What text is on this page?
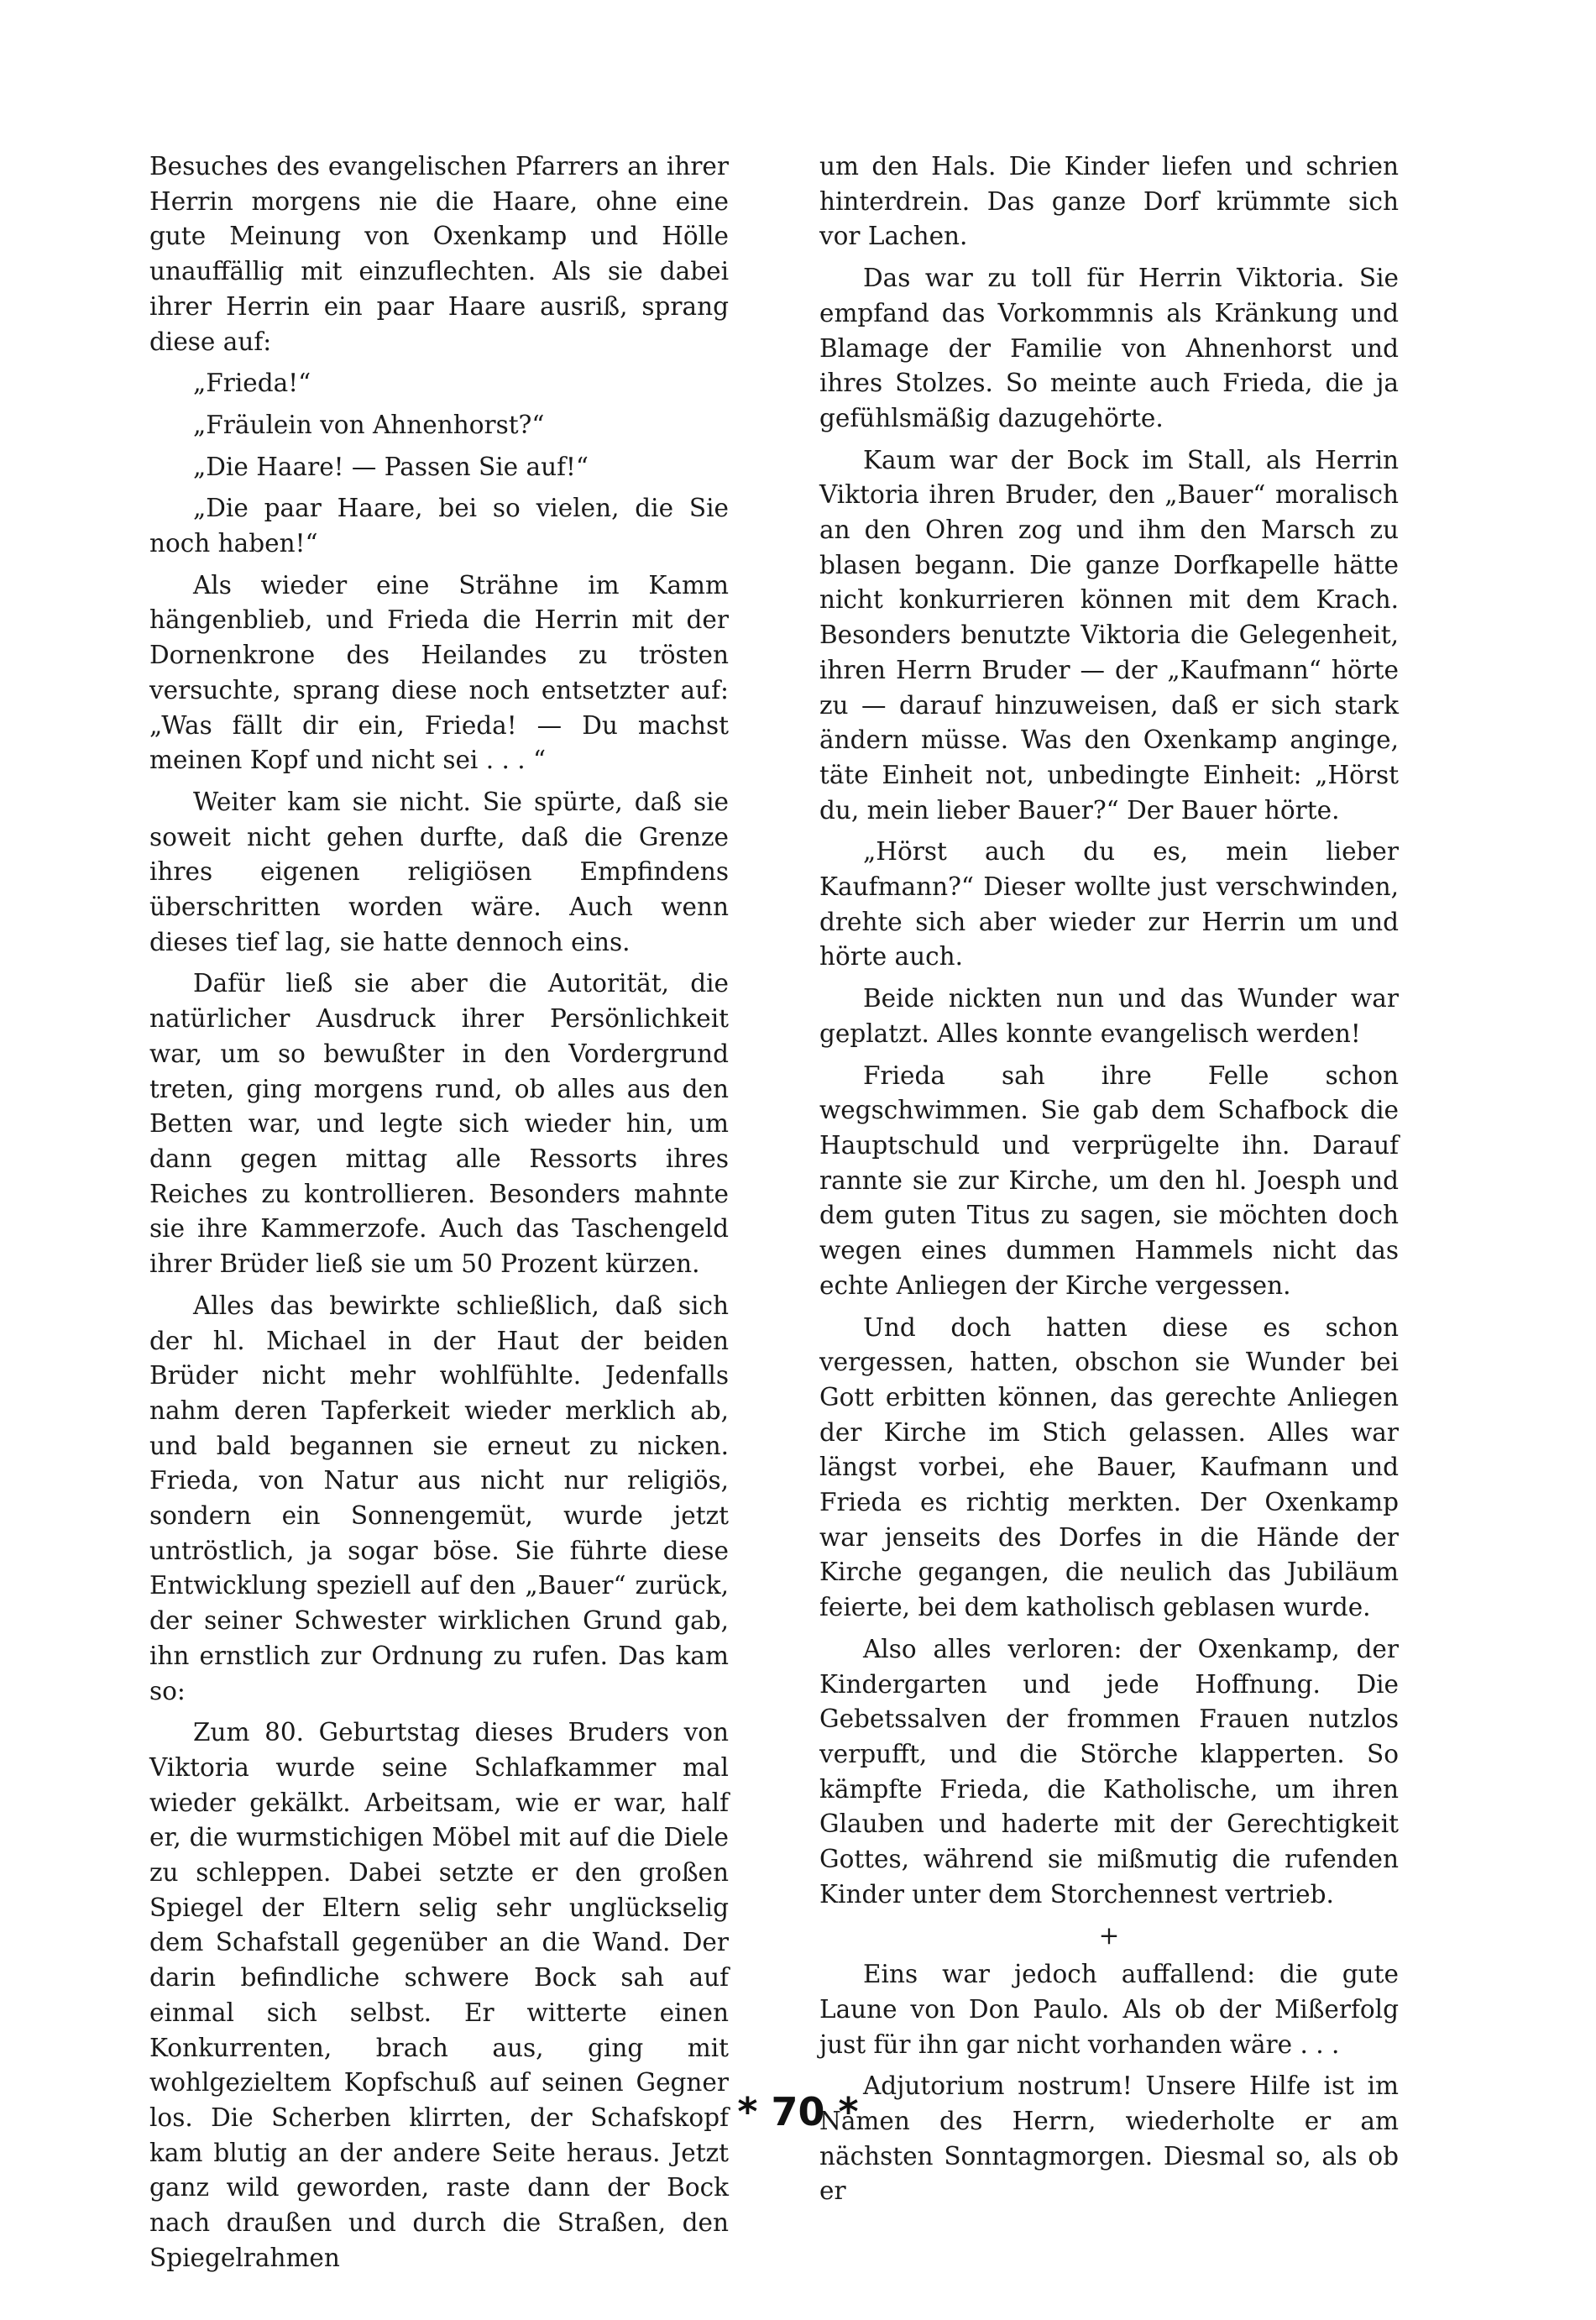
Besuches des evangelischen Pfarrers an ihrer Herrin morgens nie die Haare, ohne eine gute Meinung von Oxenkamp und Hölle unauffällig mit einzuflechten. Als sie dabei ihrer Herrin ein paar Haare ausriß, sprang diese auf:

„Frieda!“

„Fräulein von Ahnenhorst?“

„Die Haare! — Passen Sie auf!“

„Die paar Haare, bei so vielen, die Sie noch haben!“

Als wieder eine Strähne im Kamm hängenblieb, und Frieda die Herrin mit der Dornenkrone des Heilandes zu trösten versuchte, sprang diese noch entsetzter auf: „Was fällt dir ein, Frieda! — Du machst meinen Kopf und nicht sei . . . “

Weiter kam sie nicht. Sie spürte, daß sie soweit nicht gehen durfte, daß die Grenze ihres eigenen religiösen Empfindens überschritten worden wäre. Auch wenn dieses tief lag, sie hatte dennoch eins.

Dafür ließ sie aber die Autorität, die natürlicher Ausdruck ihrer Persönlichkeit war, um so bewußter in den Vordergrund treten, ging morgens rund, ob alles aus den Betten war, und legte sich wieder hin, um dann gegen mittag alle Ressorts ihres Reiches zu kontrollieren. Besonders mahnte sie ihre Kammerzofe. Auch das Taschengeld ihrer Brüder ließ sie um 50 Prozent kürzen.

Alles das bewirkte schließlich, daß sich der hl. Michael in der Haut der beiden Brüder nicht mehr wohlfühlte. Jedenfalls nahm deren Tapferkeit wieder merklich ab, und bald begannen sie erneut zu nicken. Frieda, von Natur aus nicht nur religiös, sondern ein Sonnengemüt, wurde jetzt untröstlich, ja sogar böse. Sie führte diese Entwicklung speziell auf den „Bauer“ zurück, der seiner Schwester wirklichen Grund gab, ihn ernstlich zur Ordnung zu rufen. Das kam so:

Zum 80. Geburtstag dieses Bruders von Viktoria wurde seine Schlafkammer mal wieder gekälkt. Arbeitsam, wie er war, half er, die wurmstichigen Möbel mit auf die Diele zu schleppen. Dabei setzte er den großen Spiegel der Eltern selig sehr unglückselig dem Schafstall gegenüber an die Wand. Der darin befindliche schwere Bock sah auf einmal sich selbst. Er witterte einen Konkurrenten, brach aus, ging mit wohlgezieltem Kopfschuß auf seinen Gegner los. Die Scherben klirrten, der Schafskopf kam blutig an der andere Seite heraus. Jetzt ganz wild geworden, raste dann der Bock nach draußen und durch die Straßen, den Spiegelrahmen

um den Hals. Die Kinder liefen und schrien hinterdrein. Das ganze Dorf krümmte sich vor Lachen.

Das war zu toll für Herrin Viktoria. Sie empfand das Vorkommnis als Kränkung und Blamage der Familie von Ahnenhorst und ihres Stolzes. So meinte auch Frieda, die ja gefühlsmäßig dazugehörte.

Kaum war der Bock im Stall, als Herrin Viktoria ihren Bruder, den „Bauer“ moralisch an den Ohren zog und ihm den Marsch zu blasen begann. Die ganze Dorfkapelle hätte nicht konkurrieren können mit dem Krach. Besonders benutzte Viktoria die Gelegenheit, ihren Herrn Bruder — der „Kaufmann“ hörte zu — darauf hinzuweisen, daß er sich stark ändern müsse. Was den Oxenkamp anginge, täte Einheit not, unbedingte Einheit: „Hörst du, mein lieber Bauer?“ Der Bauer hörte.

„Hörst auch du es, mein lieber Kaufmann?“ Dieser wollte just verschwinden, drehte sich aber wieder zur Herrin um und hörte auch.

Beide nickten nun und das Wunder war geplatzt. Alles konnte evangelisch werden!

Frieda sah ihre Felle schon wegschwimmen. Sie gab dem Schafbock die Hauptschuld und verprügelte ihn. Darauf rannte sie zur Kirche, um den hl. Joesph und dem guten Titus zu sagen, sie möchten doch wegen eines dummen Hammels nicht das echte Anliegen der Kirche vergessen.

Und doch hatten diese es schon vergessen, hatten, obschon sie Wunder bei Gott erbitten können, das gerechte Anliegen der Kirche im Stich gelassen. Alles war längst vorbei, ehe Bauer, Kaufmann und Frieda es richtig merkten. Der Oxenkamp war jenseits des Dorfes in die Hände der Kirche gegangen, die neulich das Jubiläum feierte, bei dem katholisch geblasen wurde.

Also alles verloren: der Oxenkamp, der Kindergarten und jede Hoffnung. Die Gebetssalven der frommen Frauen nutzlos verpufft, und die Störche klapperten. So kämpfte Frieda, die Katholische, um ihren Glauben und haderte mit der Gerechtigkeit Gottes, während sie mißmutig die rufenden Kinder unter dem Storchennest vertrieb.

+

Eins war jedoch auffallend: die gute Laune von Don Paulo. Als ob der Mißerfolg just für ihn gar nicht vorhanden wäre . . .

Adjutorium nostrum! Unsere Hilfe ist im Namen des Herrn, wiederholte er am nächsten Sonntagmorgen. Diesmal so, als ob er

* 70 *
